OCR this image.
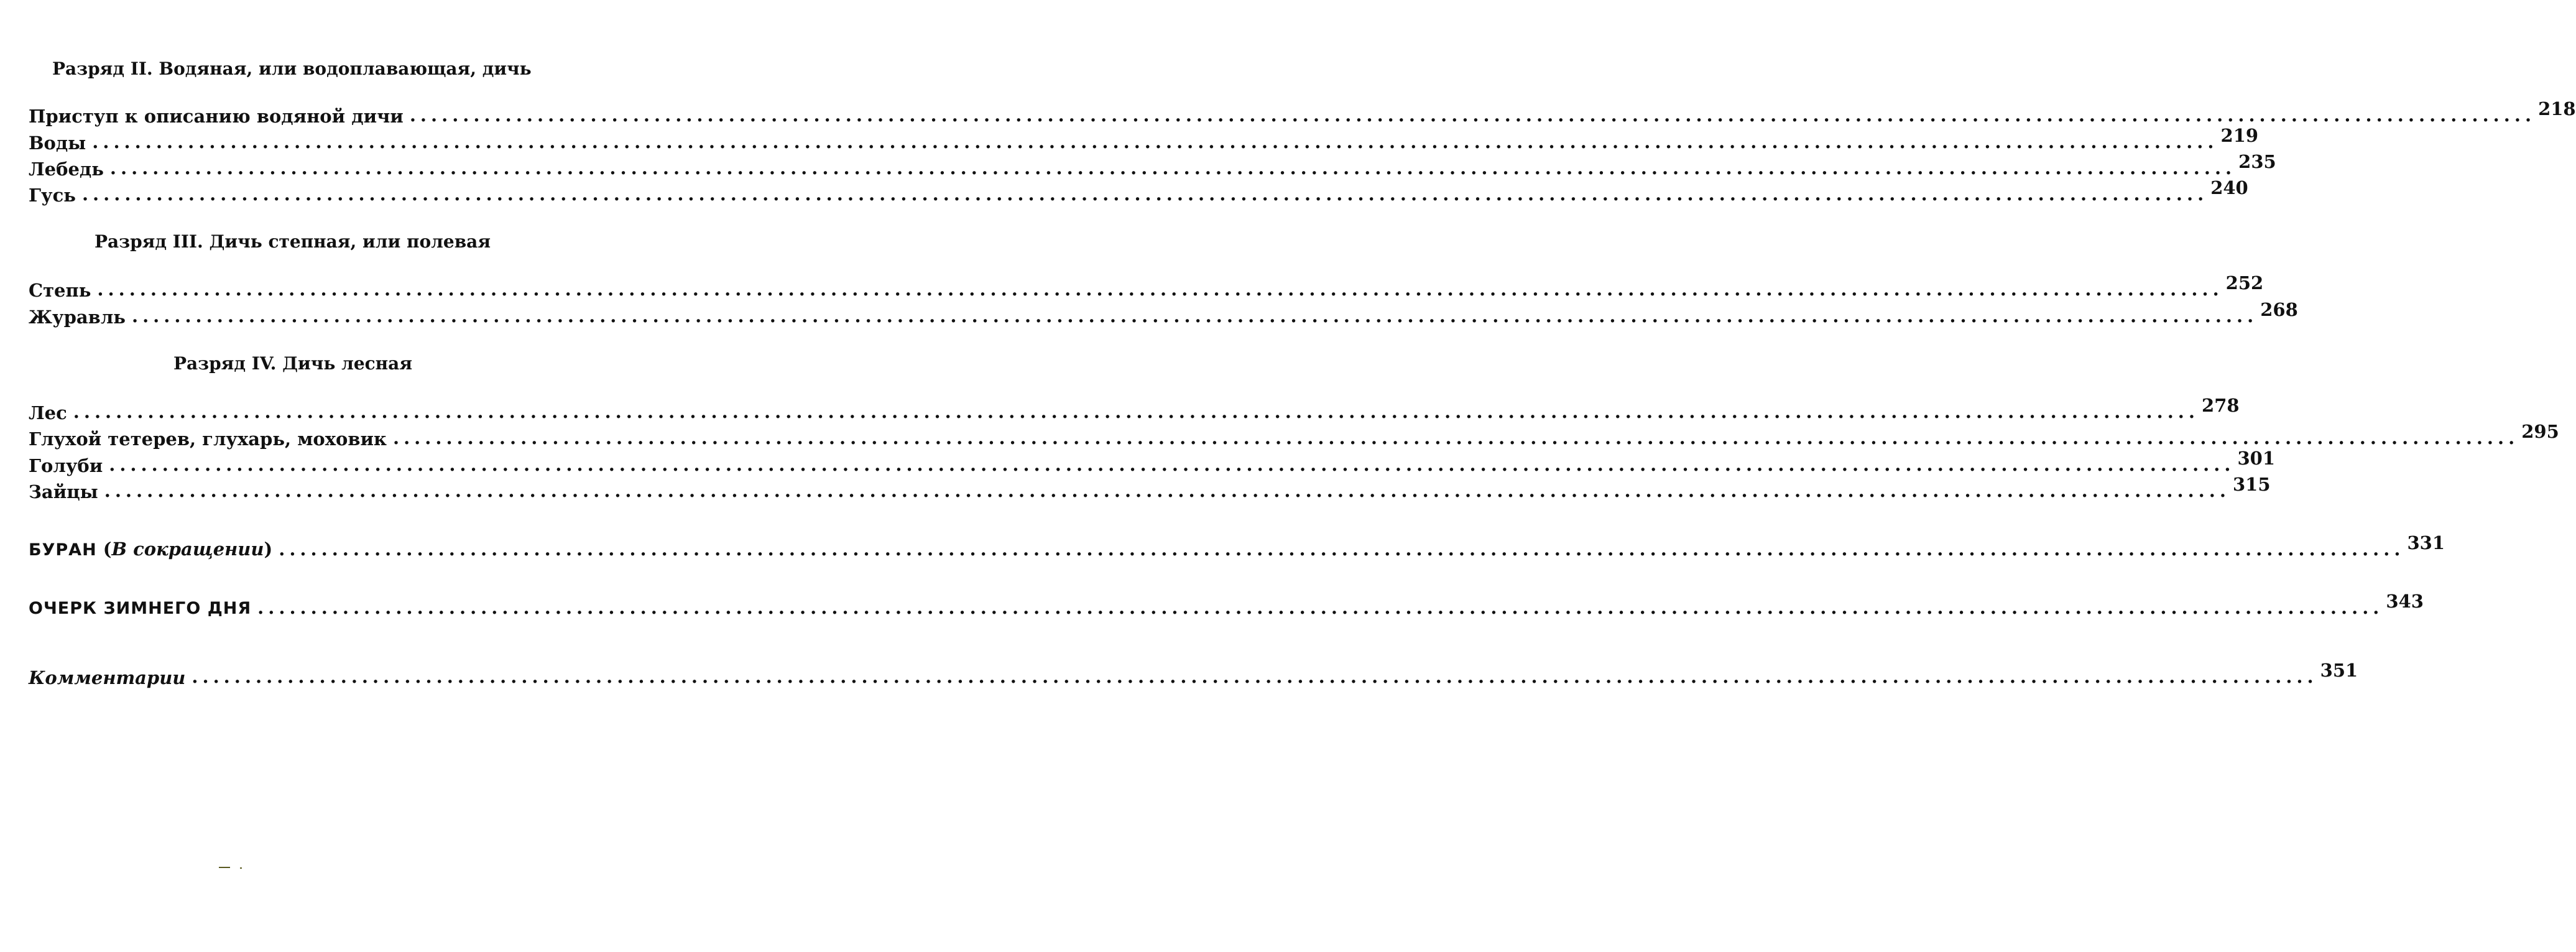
Разряд II. Водяная, или водоплавающая, дичь
Приступ к описанию водяной дичи ........................................................................................................................................................................................................ 218
Воды ........................................................................................................................................................................................................ 219
Лебедь ........................................................................................................................................................................................................ 235
Гусь ........................................................................................................................................................................................................ 240
Разряд III. Дичь степная, или полевая
Степь ........................................................................................................................................................................................................ 252
Журавль ........................................................................................................................................................................................................ 268
Разряд IV. Дичь лесная
Лес ........................................................................................................................................................................................................ 278
Глухой тетерев, глухарь, моховик ........................................................................................................................................................................................................ 295
Голуби ........................................................................................................................................................................................................ 301
Зайцы ........................................................................................................................................................................................................ 315
БУРАН (В сокращении) ........................................................................................................................................................................................................ 331
ОЧЕРК ЗИМНЕГО ДНЯ ........................................................................................................................................................................................................ 343
Комментарии ........................................................................................................................................................................................................ 351
